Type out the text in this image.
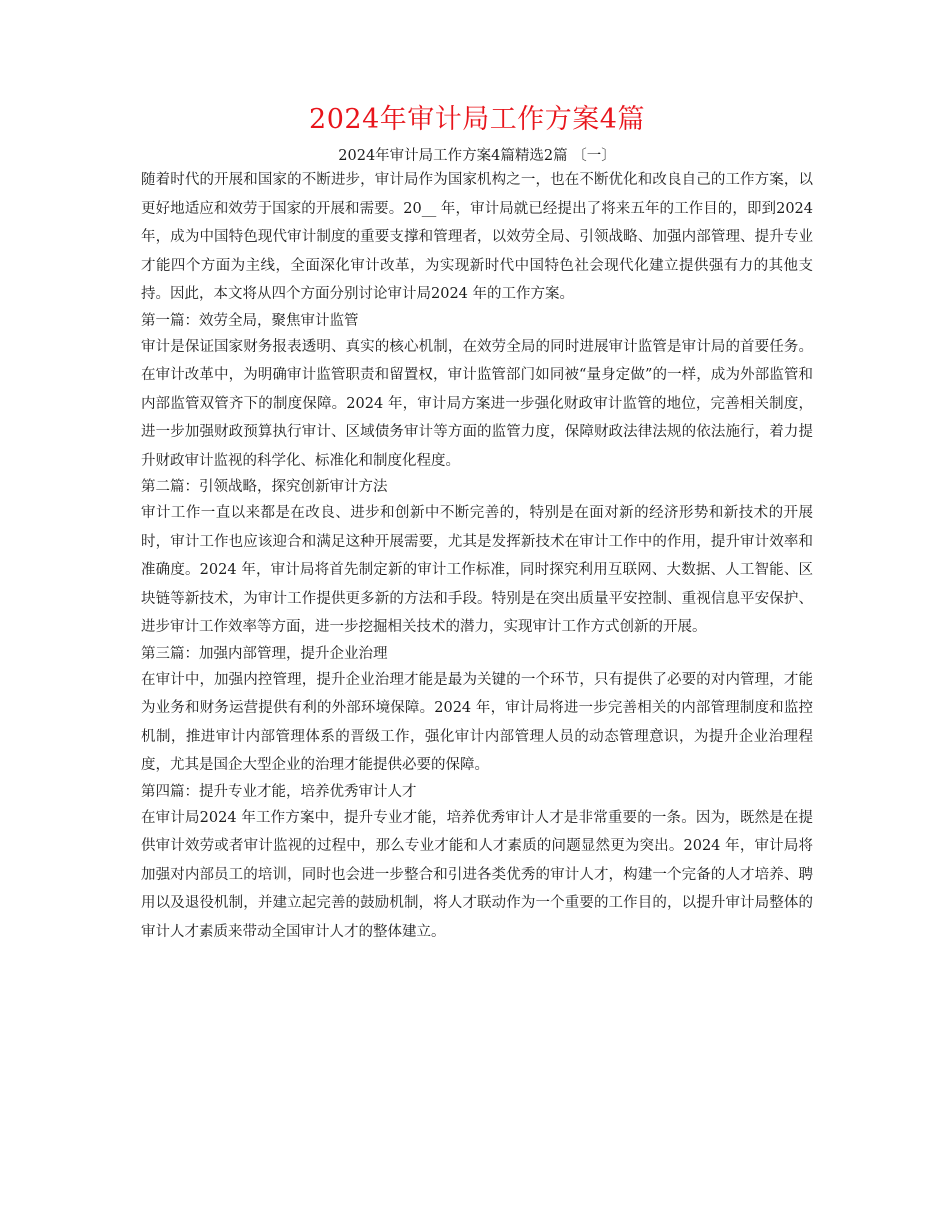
2024年审计局工作方案4篇
2024年审计局工作方案4篇精选2篇 〔一〕

随着时代的开展和国家的不断进步，审计局作为国家机构之一，也在不断优化和改良自己的工作方案，以更好地适应和效劳于国家的开展和需要。20__ 年，审计局就已经提出了将来五年的工作目的，即到2024 年，成为中国特色现代审计制度的重要支撑和管理者，以效劳全局、引领战略、加强内部管理、提升专业才能四个方面为主线，全面深化审计改革，为实现新时代中国特色社会现代化建立提供强有力的其他支持。因此，本文将从四个方面分别讨论审计局2024 年的工作方案。

第一篇：效劳全局，聚焦审计监管

审计是保证国家财务报表透明、真实的核心机制，在效劳全局的同时进展审计监管是审计局的首要任务。在审计改革中，为明确审计监管职责和留置权，审计监管部门如同被“量身定做”的一样，成为外部监管和内部监管双管齐下的制度保障。2024 年，审计局方案进一步强化财政审计监管的地位，完善相关制度，进一步加强财政预算执行审计、区域债务审计等方面的监管力度，保障财政法律法规的依法施行，着力提升财政审计监视的科学化、标准化和制度化程度。

第二篇：引领战略，探究创新审计方法

审计工作一直以来都是在改良、进步和创新中不断完善的，特别是在面对新的经济形势和新技术的开展时，审计工作也应该迎合和满足这种开展需要，尤其是发挥新技术在审计工作中的作用，提升审计效率和准确度。2024 年，审计局将首先制定新的审计工作标准，同时探究利用互联网、大数据、人工智能、区块链等新技术，为审计工作提供更多新的方法和手段。特别是在突出质量平安控制、重视信息平安保护、进步审计工作效率等方面，进一步挖掘相关技术的潜力，实现审计工作方式创新的开展。

第三篇：加强内部管理，提升企业治理

在审计中，加强内控管理，提升企业治理才能是最为关键的一个环节，只有提供了必要的对内管理，才能为业务和财务运营提供有利的外部环境保障。2024 年，审计局将进一步完善相关的内部管理制度和监控机制，推进审计内部管理体系的晋级工作，强化审计内部管理人员的动态管理意识，为提升企业治理程度，尤其是国企大型企业的治理才能提供必要的保障。

第四篇：提升专业才能，培养优秀审计人才

在审计局2024 年工作方案中，提升专业才能，培养优秀审计人才是非常重要的一条。因为，既然是在提供审计效劳或者审计监视的过程中，那么专业才能和人才素质的问题显然更为突出。2024 年，审计局将加强对内部员工的培训，同时也会进一步整合和引进各类优秀的审计人才，构建一个完备的人才培养、聘用以及退役机制，并建立起完善的鼓励机制，将人才联动作为一个重要的工作目的，以提升审计局整体的审计人才素质来带动全国审计人才的整体建立。
